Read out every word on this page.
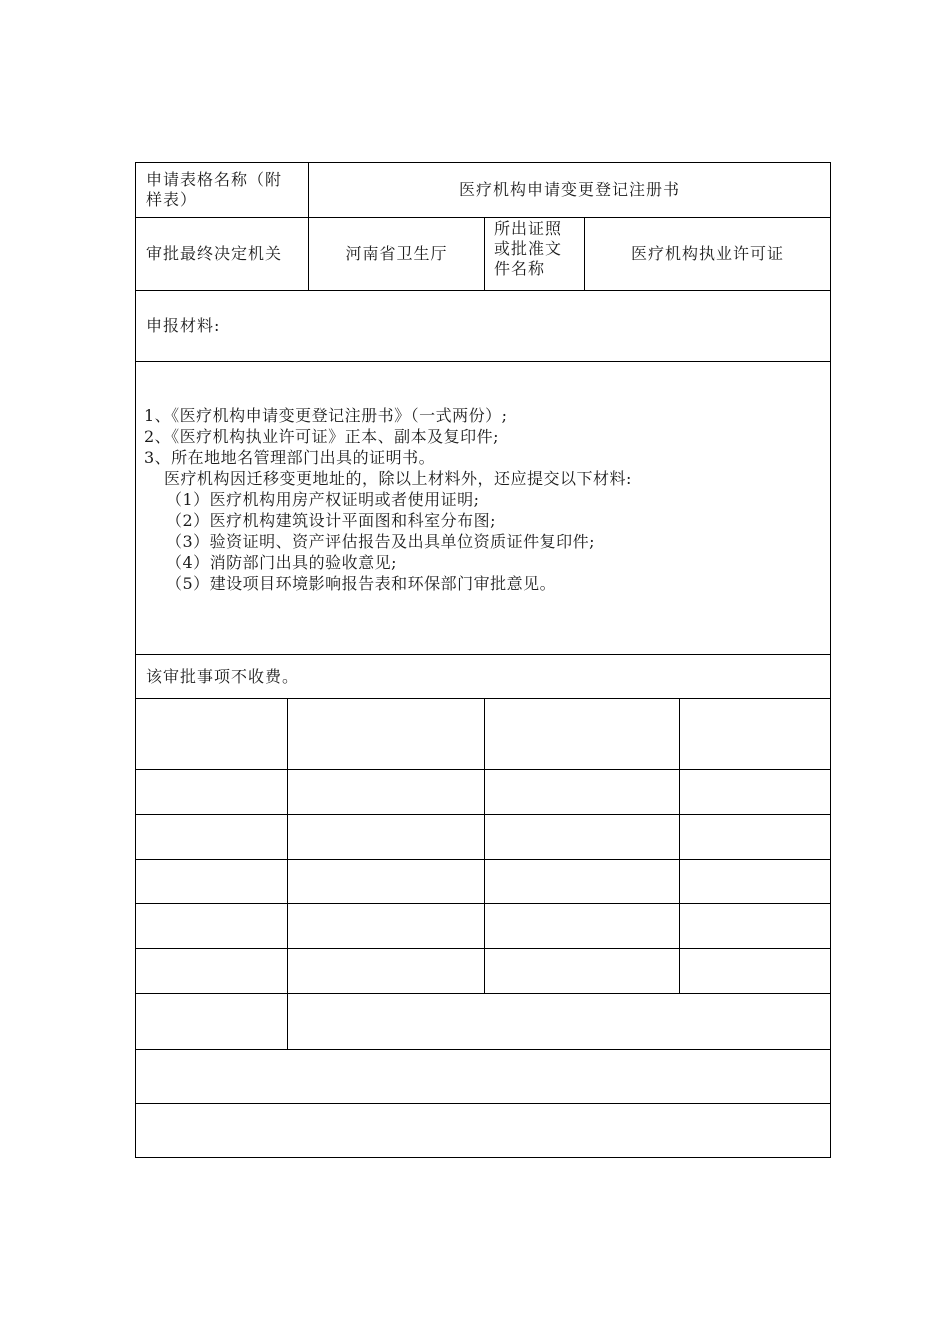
申请表格名称（附
样表）
医疗机构申请变更登记注册书
审批最终决定机关	河南省卫生厅
所出证照
或批准文
件名称
医疗机构执业许可证
申报材料:
1、《医疗机构申请变更登记注册书》（一式两份）;
2、《医疗机构执业许可证》正本、副本及复印件;
3、所在地地名管理部门出具的证明书。
医疗机构因迁移变更地址的，除以上材料外，还应提交以下材料:
（1）医疗机构用房产权证明或者使用证明;
（2）医疗机构建筑设计平面图和科室分布图;
（3）验资证明、资产评估报告及出具单位资质证件复印件;
（4）消防部门出具的验收意见;
（5）建设项目环境影响报告表和环保部门审批意见。
该审批事项不收费。
